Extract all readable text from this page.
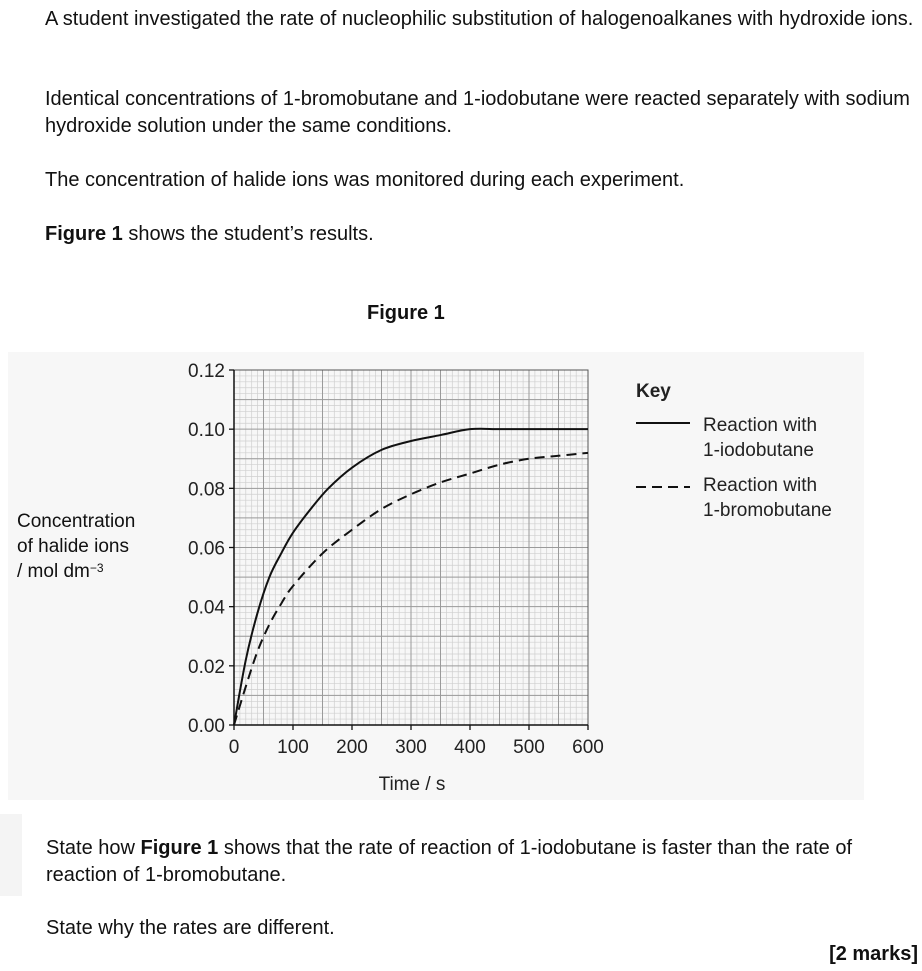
A student investigated the rate of nucleophilic substitution of halogenoalkanes with hydroxide ions.

Identical concentrations of 1-bromobutane and 1-iodobutane were reacted separately with sodium hydroxide solution under the same conditions.

The concentration of halide ions was monitored during each experiment.

Figure 1 shows the student’s results.

Figure 1
Concentration
of halide ions
/ mol $dm^{-3}$
0.00
0.02
0.04
0.06
0.08
0.10
0.12
0 100 200 300 400 500 600
Time / s
Key
Reaction with
1-iodobutane
Reaction with
1-bromobutane

State how Figure 1 shows that the rate of reaction of 1-iodobutane is faster than the rate of reaction of 1-bromobutane.

State why the rates are different.

[2 marks]
